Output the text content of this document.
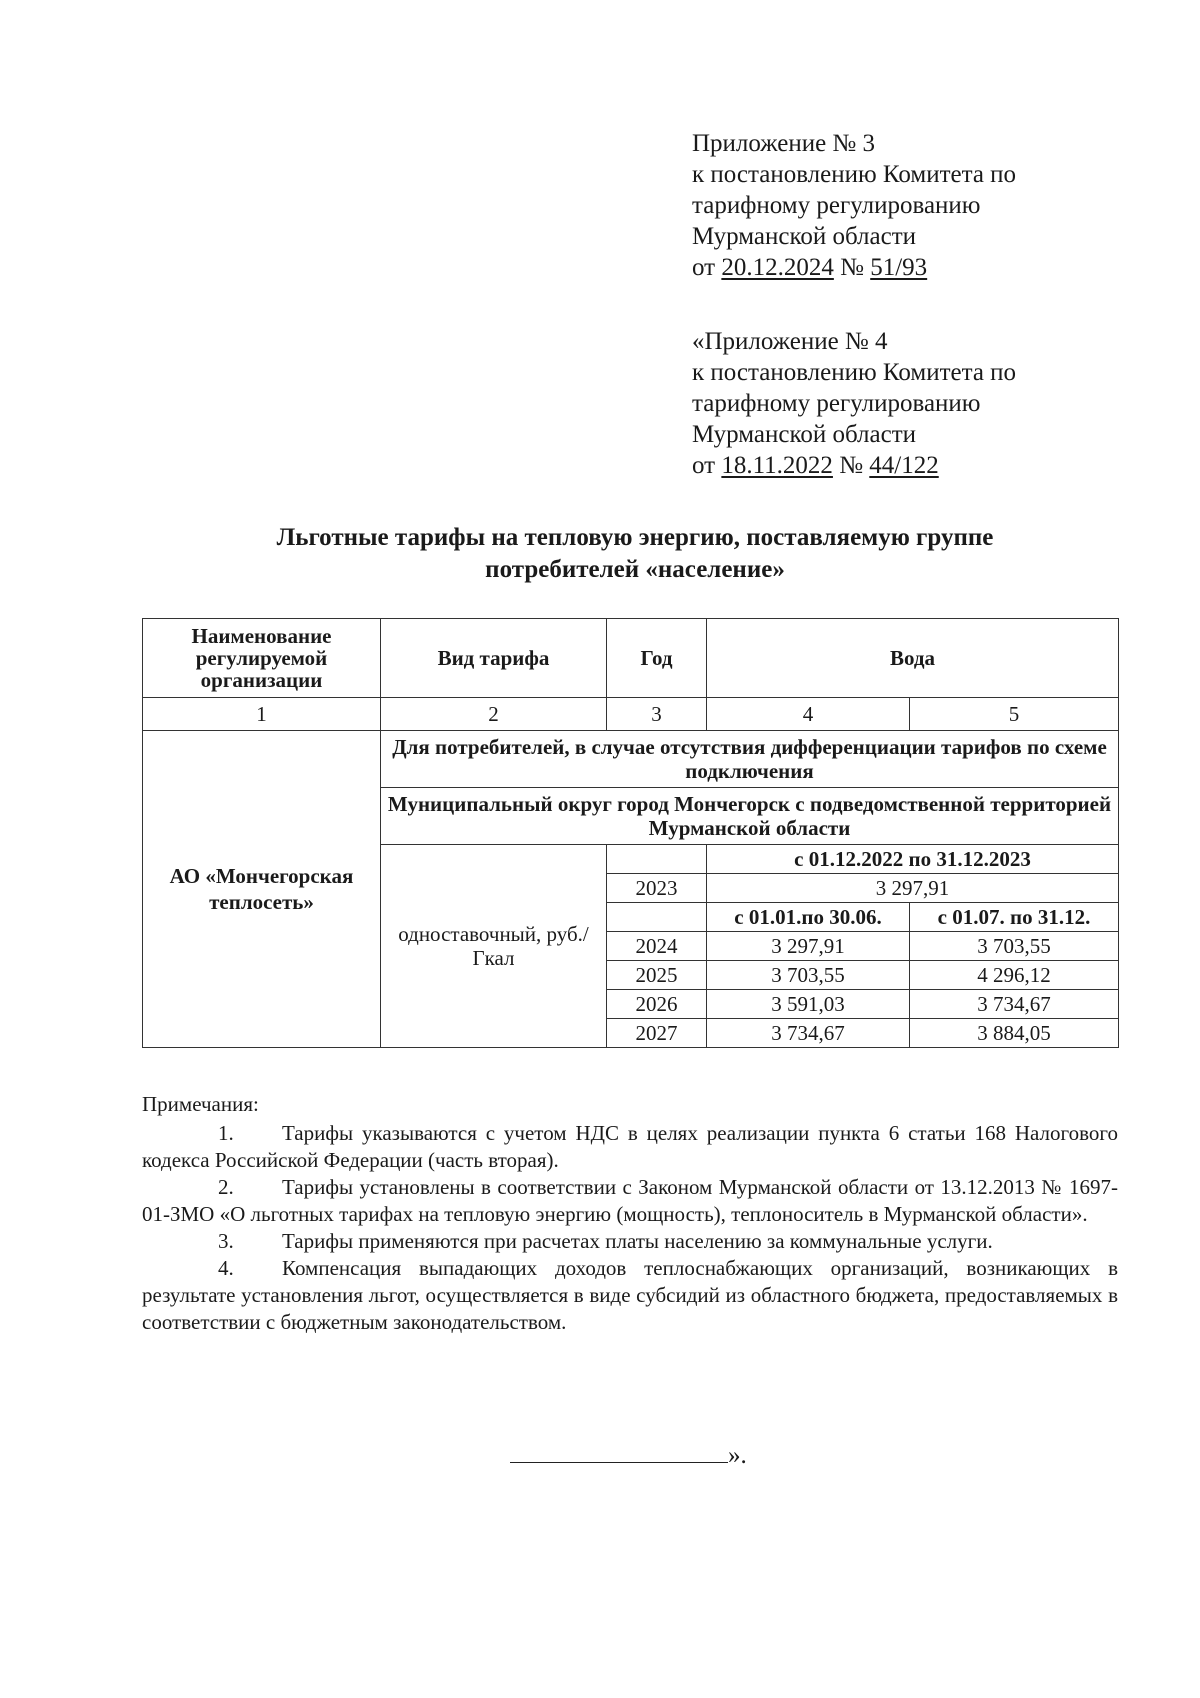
Приложение № 3
к постановлению Комитета по
тарифному регулированию
Мурманской области
от 20.12.2024 № 51/93
«Приложение № 4
к постановлению Комитета по
тарифному регулированию
Мурманской области
от 18.11.2022 № 44/122
Льготные тарифы на тепловую энергию, поставляемую группе
потребителей «население»
Наименование регулируемой организации	Вид тарифа	Год	Вода	
1	2	3	4	5
АО «Мончегорская теплосеть»	Для потребителей, в случае отсутствия дифференциации тарифов по схеме подключения			
	Муниципальный округ город Мончегорск с подведомственной территорией Мурманской области			
	одноставочный, руб./Гкал		с 01.12.2022 по 31.12.2023	
		2023	3 297,91	
			с 01.01.по 30.06.	с 01.07. по 31.12.
		2024	3 297,91	3 703,55
		2025	3 703,55	4 296,12
		2026	3 591,03	3 734,67
		2027	3 734,67	3 884,05

Примечания:

1. Тарифы указываются с учетом НДС в целях реализации пункта 6 статьи 168 Налогового кодекса Российской Федерации (часть вторая).

2. Тарифы установлены в соответствии с Законом Мурманской области от 13.12.2013 № 1697-01-ЗМО «О льготных тарифах на тепловую энергию (мощность), теплоноситель в Мурманской области».

3. Тарифы применяются при расчетах платы населению за коммунальные услуги.

4. Компенсация выпадающих доходов теплоснабжающих организаций, возникающих в результате установления льгот, осуществляется в виде субсидий из областного бюджета, предоставляемых в соответствии с бюджетным законодательством.

».
